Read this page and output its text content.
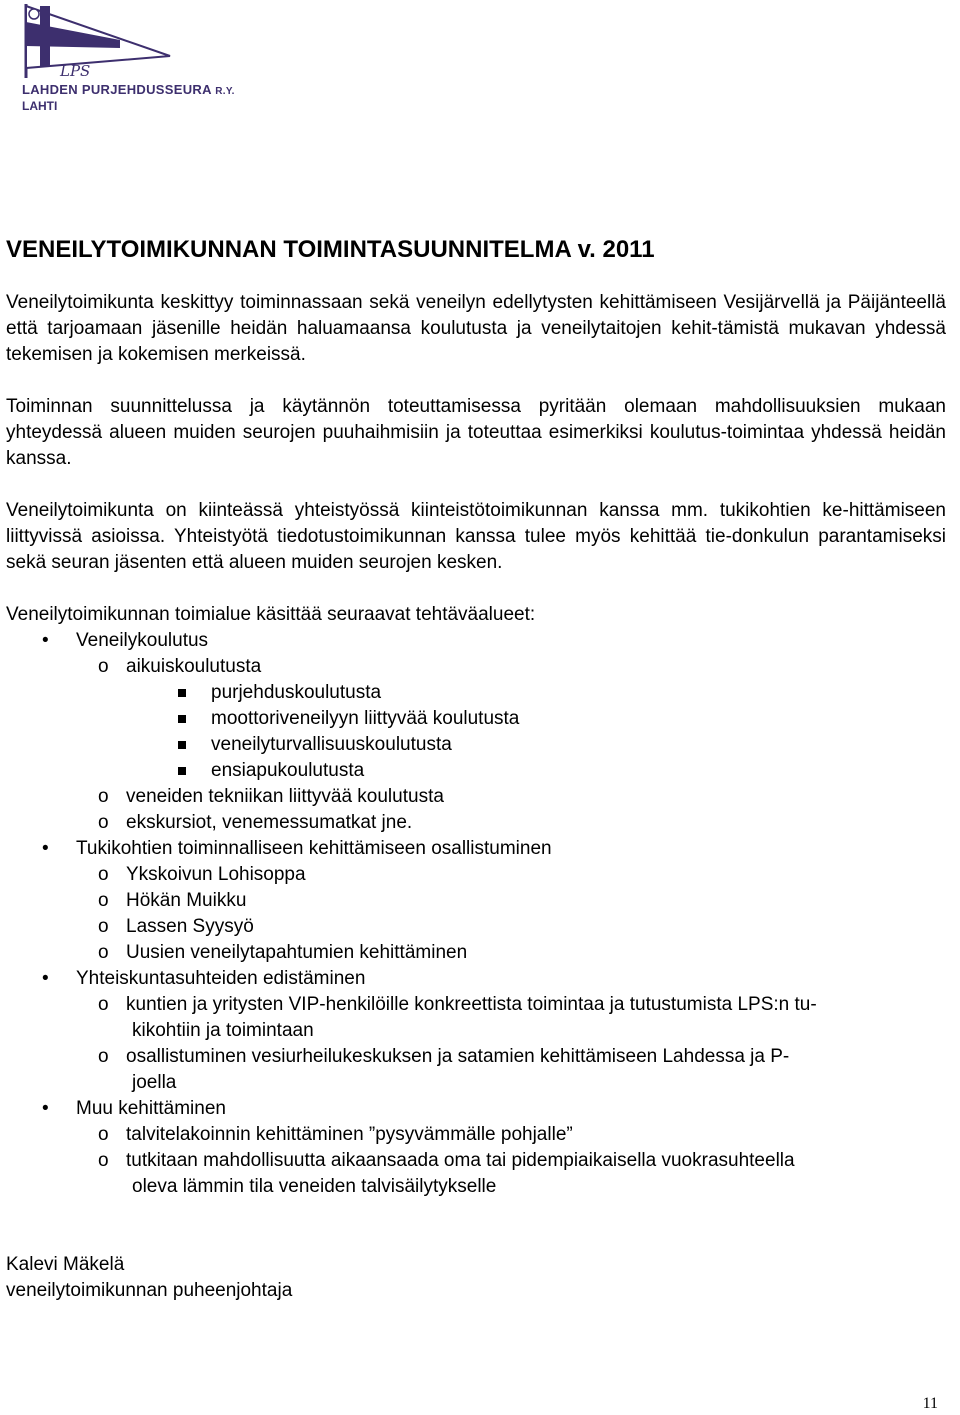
LPS
LAHDEN PURJEHDUSSEURA R.Y.
LAHTI
VENEILYTOIMIKUNNAN TOIMINTASUUNNITELMA v. 2011

Veneilytoimikunta keskittyy toiminnassaan sekä veneilyn edellytysten kehittämiseen Vesijärvellä ja Päijänteellä että tarjoamaan jäsenille heidän haluamaansa koulutusta ja veneilytaitojen kehit-tämistä mukavan yhdessä tekemisen ja kokemisen merkeissä.

Toiminnan suunnittelussa ja käytännön toteuttamisessa pyritään olemaan mahdollisuuksien mukaan yhteydessä alueen muiden seurojen puuhaihmisiin ja toteuttaa esimerkiksi koulutus-toimintaa yhdessä heidän kanssa.

Veneilytoimikunta on kiinteässä yhteistyössä kiinteistötoimikunnan kanssa mm. tukikohtien ke-hittämiseen liittyvissä asioissa. Yhteistyötä tiedotustoimikunnan kanssa tulee myös kehittää tie-donkulun parantamiseksi sekä seuran jäsenten että alueen muiden seurojen kesken.

Veneilytoimikunnan toimialue käsittää seuraavat tehtäväalueet:
• Veneilykoulutus
o aikuiskoulutusta
purjehduskoulutusta
moottoriveneilyyn liittyvää koulutusta
veneilyturvallisuuskoulutusta
ensiapukoulutusta
o veneiden tekniikan liittyvää koulutusta
o ekskursiot, venemessumatkat jne.
• Tukikohtien toiminnalliseen kehittämiseen osallistuminen
o Ykskoivun Lohisoppa
o Hökän Muikku
o Lassen Syysyö
o Uusien veneilytapahtumien kehittäminen
• Yhteiskuntasuhteiden edistäminen
o kuntien ja yritysten VIP-henkilöille konkreettista toimintaa ja tutustumista LPS:n tu-
kikohtiin ja toimintaan
o osallistuminen vesiurheilukeskuksen ja satamien kehittämiseen Lahdessa ja P-
joella
• Muu kehittäminen
o talvitelakoinnin kehittäminen ”pysyvämmälle pohjalle”
o tutkitaan mahdollisuutta aikaansaada oma tai pidempiaikaisella vuokrasuhteella
oleva lämmin tila veneiden talvisäilytykselle
Kalevi Mäkelä
veneilytoimikunnan puheenjohtaja
11
